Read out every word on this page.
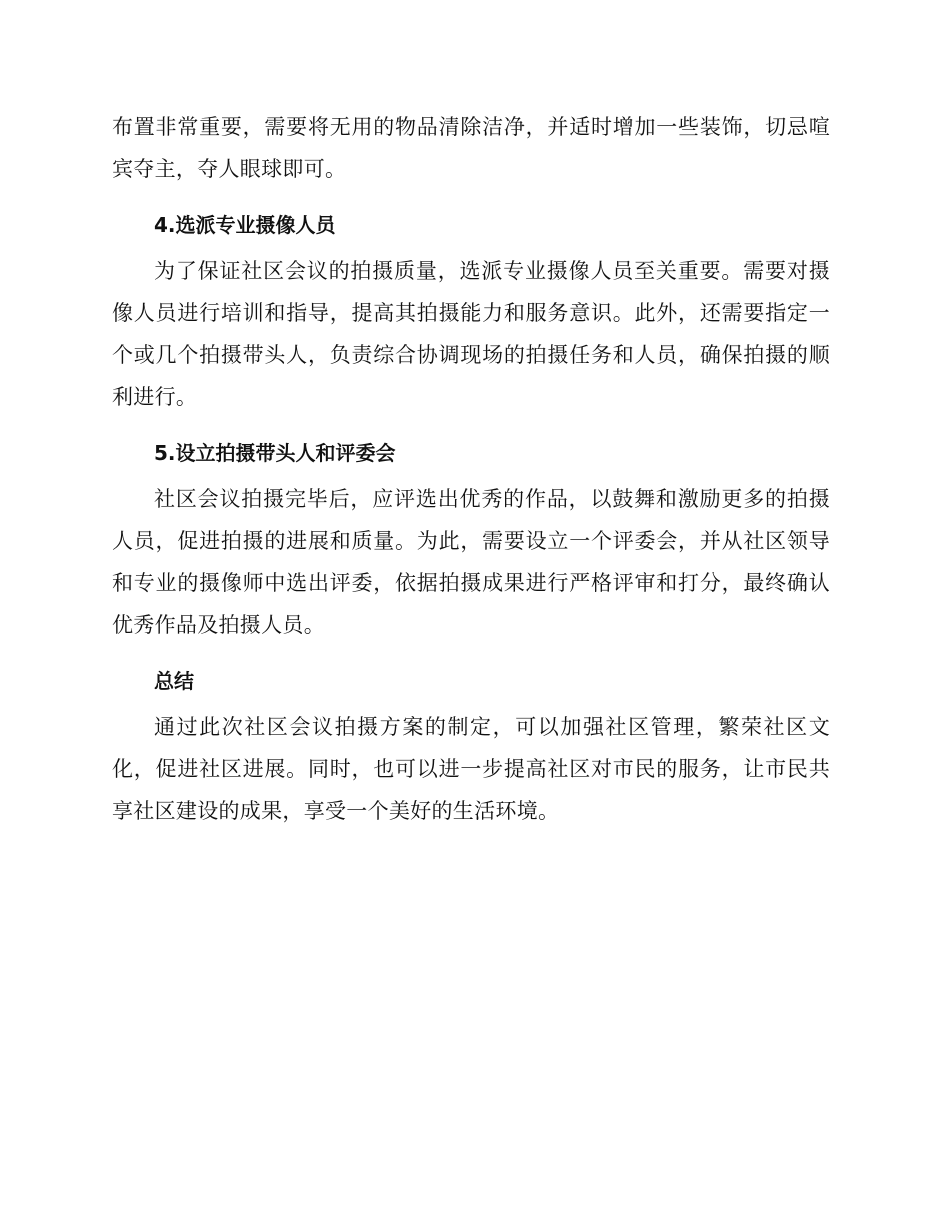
布置非常重要，需要将无用的物品清除洁净，并适时增加一些装饰，切忌喧宾夺主，夺人眼球即可。

4.选派专业摄像人员

为了保证社区会议的拍摄质量，选派专业摄像人员至关重要。需要对摄像人员进行培训和指导，提高其拍摄能力和服务意识。此外，还需要指定一个或几个拍摄带头人，负责综合协调现场的拍摄任务和人员，确保拍摄的顺利进行。

5.设立拍摄带头人和评委会

社区会议拍摄完毕后，应评选出优秀的作品，以鼓舞和激励更多的拍摄人员，促进拍摄的进展和质量。为此，需要设立一个评委会，并从社区领导和专业的摄像师中选出评委，依据拍摄成果进行严格评审和打分，最终确认优秀作品及拍摄人员。

总结

通过此次社区会议拍摄方案的制定，可以加强社区管理，繁荣社区文化，促进社区进展。同时，也可以进一步提高社区对市民的服务，让市民共享社区建设的成果，享受一个美好的生活环境。
